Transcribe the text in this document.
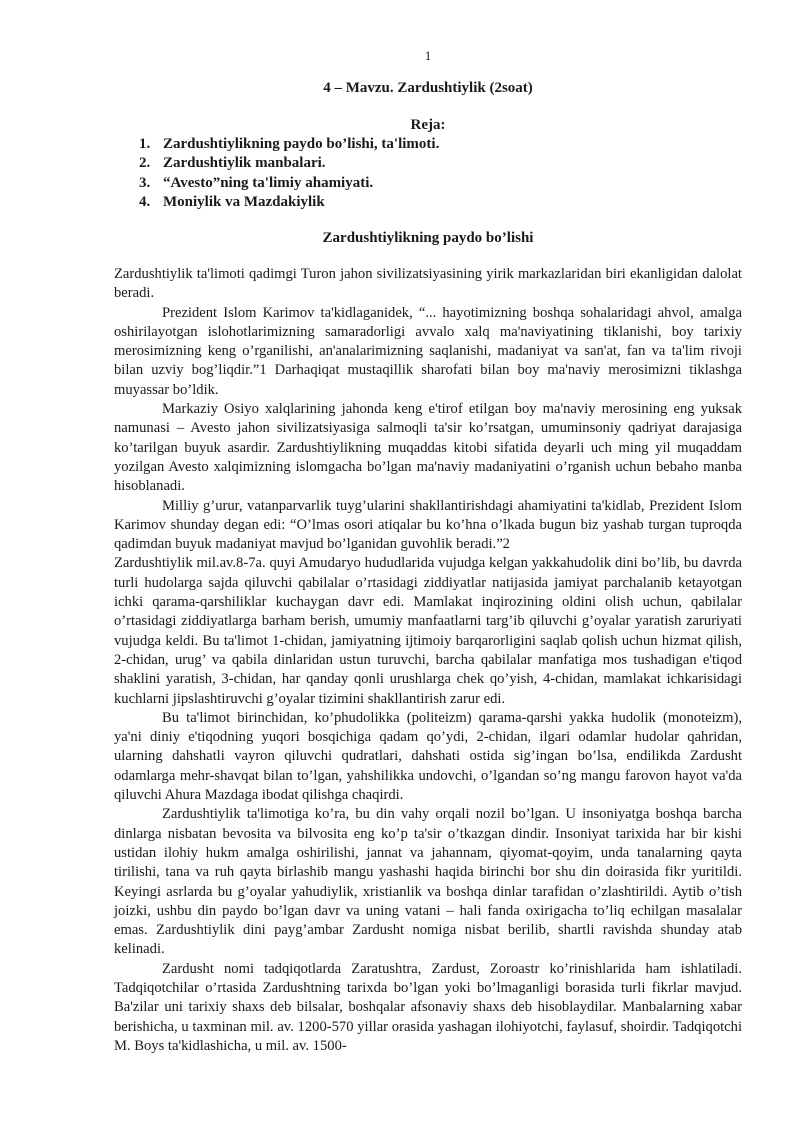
1
4 – Mavzu. Zardushtiylik (2soat)
Reja:
1. Zardushtiylikning paydo bo’lishi, ta'limoti.
2. Zardushtiylik manbalari.
3. “Avesto”ning ta'limiy ahamiyati.
4. Moniylik va Mazdakiylik
Zardushtiylikning paydo bo’lishi

Zardushtiylik ta'limoti qadimgi Turon jahon sivilizatsiyasining yirik markazlaridan biri ekanligidan dalolat beradi.

Prezident Islom Karimov ta'kidlaganidek, “... hayotimizning boshqa sohalaridagi ahvol, amalga oshirilayotgan islohotlarimizning samaradorligi avvalo xalq ma'naviyatining tiklanishi, boy tarixiy merosimizning keng o’rganilishi, an'analarimizning saqlanishi, madaniyat va san'at, fan va ta'lim rivoji bilan uzviy bog’liqdir.”1 Darhaqiqat mustaqillik sharofati bilan boy ma'naviy merosimizni tiklashga muyassar bo’ldik.

Markaziy Osiyo xalqlarining jahonda keng e'tirof etilgan boy ma'naviy merosining eng yuksak namunasi – Avesto jahon sivilizatsiyasiga salmoqli ta'sir ko’rsatgan, umuminsoniy qadriyat darajasiga ko’tarilgan buyuk asardir. Zardushtiylikning muqaddas kitobi sifatida deyarli uch ming yil muqaddam yozilgan Avesto xalqimizning islomgacha bo’lgan ma'naviy madaniyatini o’rganish uchun bebaho manba hisoblanadi.

Milliy g’urur, vatanparvarlik tuyg’ularini shakllantirishdagi ahamiyatini ta'kidlab, Prezident Islom Karimov shunday degan edi: “O’lmas osori atiqalar bu ko’hna o’lkada bugun biz yashab turgan tuproqda qadimdan buyuk madaniyat mavjud bo’lganidan guvohlik beradi.”2

Zardushtiylik mil.av.8-7a. quyi Amudaryo hududlarida vujudga kelgan yakkahudolik dini bo’lib, bu davrda turli hudolarga sajda qiluvchi qabilalar o’rtasidagi ziddiyatlar natijasida jamiyat parchalanib ketayotgan ichki qarama-qarshiliklar kuchaygan davr edi. Mamlakat inqirozining oldini olish uchun, qabilalar o’rtasidagi ziddiyatlarga barham berish, umumiy manfaatlarni targ’ib qiluvchi g’oyalar yaratish zaruriyati vujudga keldi. Bu ta'limot 1-chidan, jamiyatning ijtimoiy barqarorligini saqlab qolish uchun hizmat qilish, 2-chidan, urug’ va qabila dinlaridan ustun turuvchi, barcha qabilalar manfatiga mos tushadigan e'tiqod shaklini yaratish, 3-chidan, har qanday qonli urushlarga chek qo’yish, 4-chidan, mamlakat ichkarisidagi kuchlarni jipslashtiruvchi g’oyalar tizimini shakllantirish zarur edi.

Bu ta'limot birinchidan, ko’phudolikka (politeizm) qarama-qarshi yakka hudolik (monoteizm), ya'ni diniy e'tiqodning yuqori bosqichiga qadam qo’ydi, 2-chidan, ilgari odamlar hudolar qahridan, ularning dahshatli vayron qiluvchi qudratlari, dahshati ostida sig’ingan bo’lsa, endilikda Zardusht odamlarga mehr-shavqat bilan to’lgan, yahshilikka undovchi, o’lgandan so’ng mangu farovon hayot va'da qiluvchi Ahura Mazdaga ibodat qilishga chaqirdi.

Zardushtiylik ta'limotiga ko’ra, bu din vahy orqali nozil bo’lgan. U insoniyatga boshqa barcha dinlarga nisbatan bevosita va bilvosita eng ko’p ta'sir o’tkazgan dindir. Insoniyat tarixida har bir kishi ustidan ilohiy hukm amalga oshirilishi, jannat va jahannam, qiyomat-qoyim, unda tanalarning qayta tirilishi, tana va ruh qayta birlashib mangu yashashi haqida birinchi bor shu din doirasida fikr yuritildi. Keyingi asrlarda bu g’oyalar yahudiylik, xristianlik va boshqa dinlar tarafidan o’zlashtirildi. Aytib o’tish joizki, ushbu din paydo bo’lgan davr va uning vatani – hali fanda oxirigacha to’liq echilgan masalalar emas. Zardushtiylik dini payg’ambar Zardusht nomiga nisbat berilib, shartli ravishda shunday atab kelinadi.

Zardusht nomi tadqiqotlarda Zaratushtra, Zardust, Zoroastr ko’rinishlarida ham ishlatiladi. Tadqiqotchilar o’rtasida Zardushtning tarixda bo’lgan yoki bo’lmaganligi borasida turli fikrlar mavjud. Ba'zilar uni tarixiy shaxs deb bilsalar, boshqalar afsonaviy shaxs deb hisoblaydilar. Manbalarning xabar berishicha, u taxminan mil. av. 1200-570 yillar orasida yashagan ilohiyotchi, faylasuf, shoirdir. Tadqiqotchi M. Boys ta'kidlashicha, u mil. av. 1500-
